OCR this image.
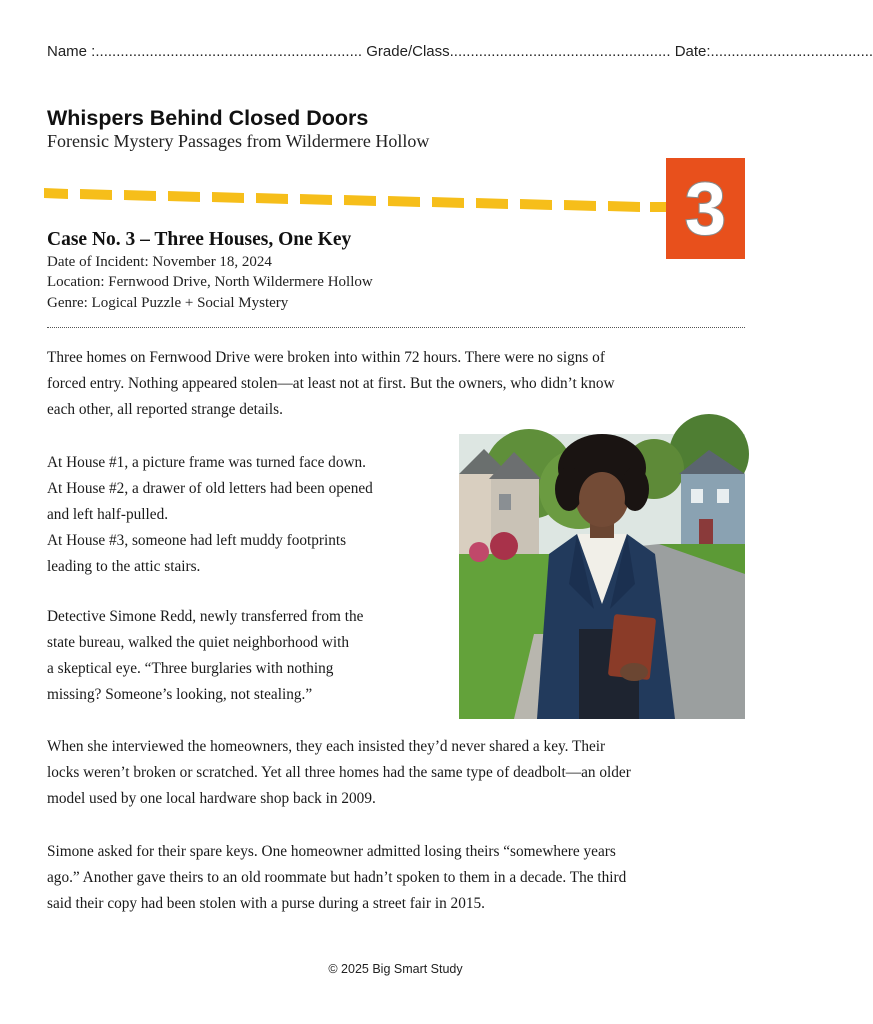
Name :................................................................ Grade/Class..................................................... Date:.......................................
Whispers Behind Closed Doors

Forensic Mystery Passages from Wildermere Hollow

3
Case No. 3 – Three Houses, One Key

Date of Incident: November 18, 2024

Location: Fernwood Drive, North Wildermere Hollow

Genre: Logical Puzzle + Social Mystery

Three homes on Fernwood Drive were broken into within 72 hours. There were no signs of
forced entry. Nothing appeared stolen—at least not at first. But the owners, who didn’t know
each other, all reported strange details.
At House #1, a picture frame was turned face down.
At House #2, a drawer of old letters had been opened
and left half-pulled.
At House #3, someone had left muddy footprints
leading to the attic stairs.
Detective Simone Redd, newly transferred from the
state bureau, walked the quiet neighborhood with
a skeptical eye. “Three burglaries with nothing
missing? Someone’s looking, not stealing.”
When she interviewed the homeowners, they each insisted they’d never shared a key. Their
locks weren’t broken or scratched. Yet all three homes had the same type of deadbolt—an older
model used by one local hardware shop back in 2009.
Simone asked for their spare keys. One homeowner admitted losing theirs “somewhere years
ago.” Another gave theirs to an old roommate but hadn’t spoken to them in a decade. The third
said their copy had been stolen with a purse during a street fair in 2015.
© 2025 Big Smart Study
